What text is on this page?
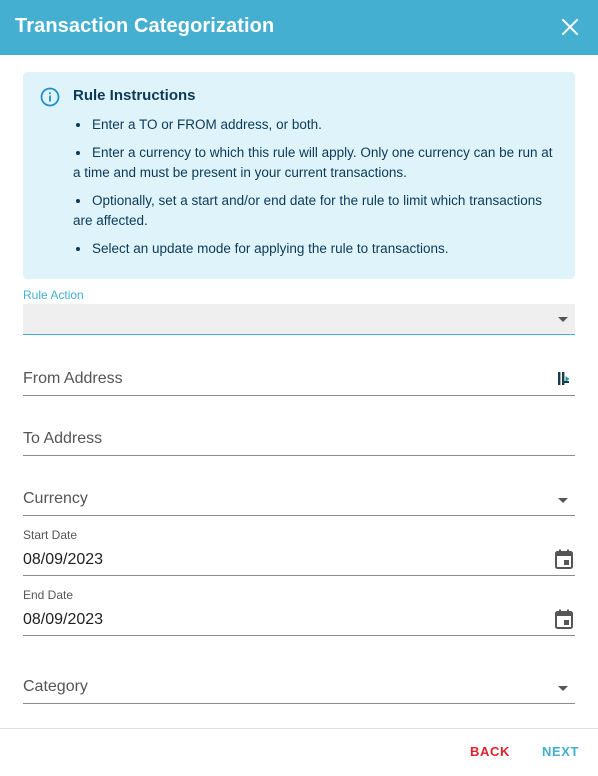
Transaction Categorization
Rule Instructions
Enter a TO or FROM address, or both.
Enter a currency to which this rule will apply. Only one currency can be run at a time and must be present in your current transactions.
Optionally, set a start and/or end date for the rule to limit which transactions are affected.
Select an update mode for applying the rule to transactions.
Rule Action
From Address
To Address
Currency
Start Date
08/09/2023
End Date
08/09/2023
Category
BACK NEXT
